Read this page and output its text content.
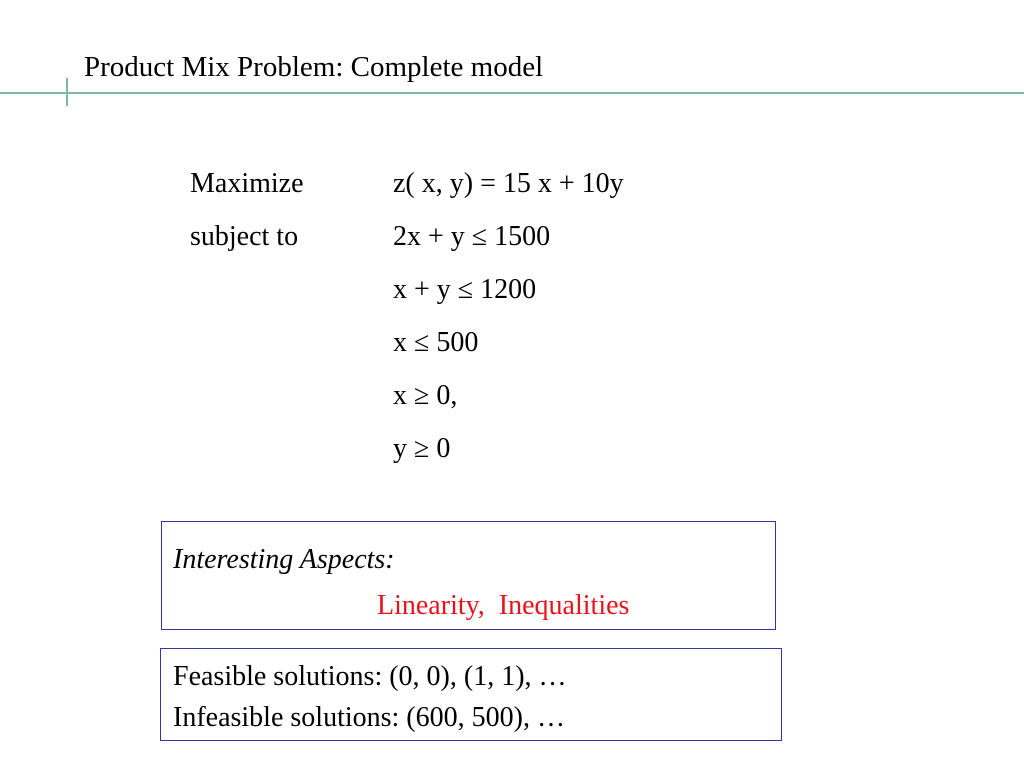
Product Mix Problem: Complete model
Maximize	z( x, y) = 15 x + 10y
subject to	2x + y ≤ 1500
x + y ≤ 1200
x ≤ 500
x ≥ 0,
y ≥ 0
Interesting Aspects:
Linearity,  Inequalities
Feasible solutions: (0, 0), (1, 1), …
Infeasible solutions: (600, 500), …
